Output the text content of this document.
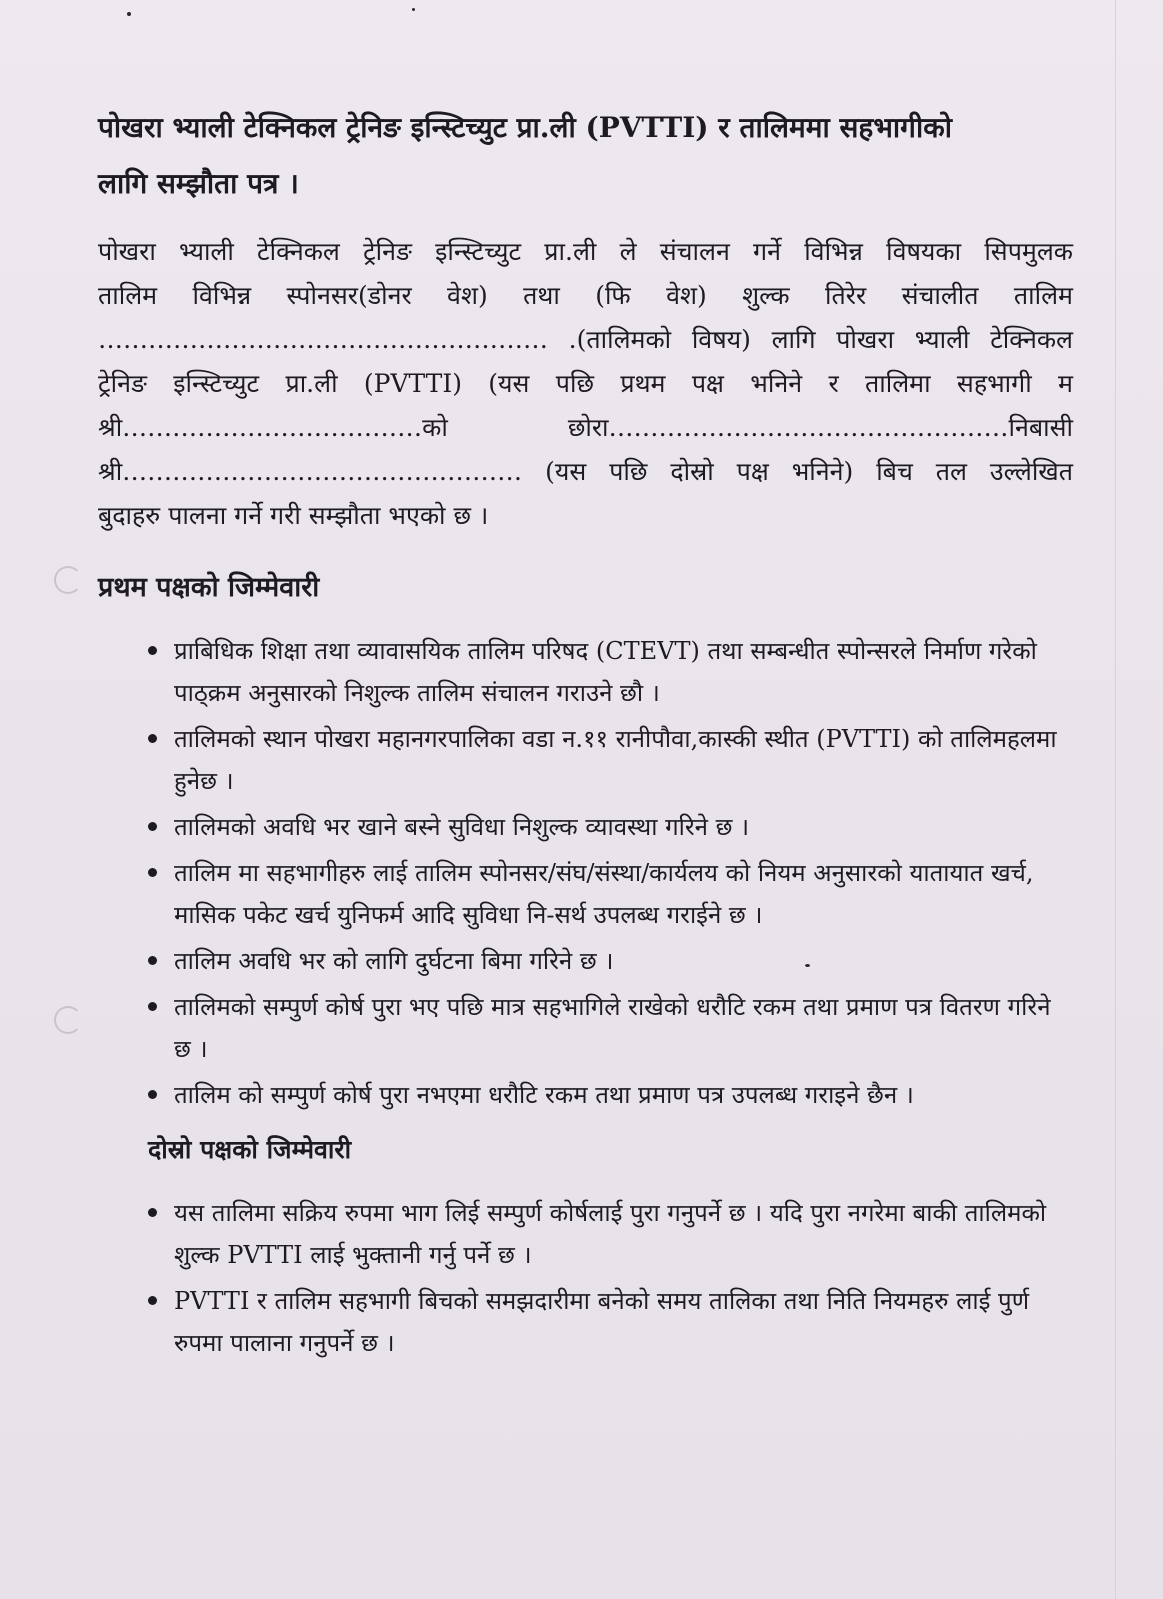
पोखरा भ्याली टेक्निकल ट्रेनिङ इन्स्टिच्युट प्रा.ली (PVTTI) र तालिममा सहभागीको
लागि सम्झौता पत्र ।
पोखरा भ्याली टेक्निकल ट्रेनिङ इन्स्टिच्युट प्रा.ली ले संचालन गर्ने विभिन्न विषयका सिपमुलक
तालिम विभिन्न स्पोनसर(डोनर वेश) तथा (फि वेश) शुल्क तिरेर संचालीत तालिम
……………………………………………… .(तालिमको विषय) लागि पोखरा भ्याली टेक्निकल
ट्रेनिङ इन्स्टिच्युट प्रा.ली (PVTTI) (यस पछि प्रथम पक्ष भनिने र तालिमा सहभागी म
श्री………………………………को छोरा…………………………………………निबासी
श्री………………………………………… (यस पछि दोस्रो पक्ष भनिने) बिच तल उल्लेखित
बुदाहरु पालना गर्ने गरी सम्झौता भएको छ ।
प्रथम पक्षको जिम्मेवारी
प्राबिधिक शिक्षा तथा व्यावासयिक तालिम परिषद (CTEVT) तथा सम्बन्धीत स्पोन्सरले निर्माण गरेको पाठ्क्रम अनुसारको निशुल्क तालिम संचालन गराउने छौ ।
तालिमको स्थान पोखरा महानगरपालिका वडा न.११ रानीपौवा,कास्की स्थीत (PVTTI) को तालिमहलमा हुनेछ ।
तालिमको अवधि भर खाने बस्ने सुविधा निशुल्क व्यावस्था गरिने छ ।
तालिम मा सहभागीहरु लाई तालिम स्पोनसर/संघ/संस्था/कार्यलय को नियम अनुसारको यातायात खर्च, मासिक पकेट खर्च युनिफर्म आदि सुविधा नि-सर्थ उपलब्ध गराईने छ ।
तालिम अवधि भर को लागि दुर्घटना बिमा गरिने छ ।
तालिमको सम्पुर्ण कोर्ष पुरा भए पछि मात्र सहभागिले राखेको धरौटि रकम तथा प्रमाण पत्र वितरण गरिने छ ।
तालिम को सम्पुर्ण कोर्ष पुरा नभएमा धरौटि रकम तथा प्रमाण पत्र उपलब्ध गराइने छैन ।
दोस्रो पक्षको जिम्मेवारी
यस तालिमा सक्रिय रुपमा भाग लिई सम्पुर्ण कोर्षलाई पुरा गनुपर्ने छ । यदि पुरा नगरेमा बाकी तालिमको शुल्क PVTTI लाई भुक्तानी गर्नु पर्ने छ ।
PVTTI र तालिम सहभागी बिचको समझदारीमा बनेको समय तालिका तथा निति नियमहरु लाई पुर्ण रुपमा पालाना गनुपर्ने छ ।
